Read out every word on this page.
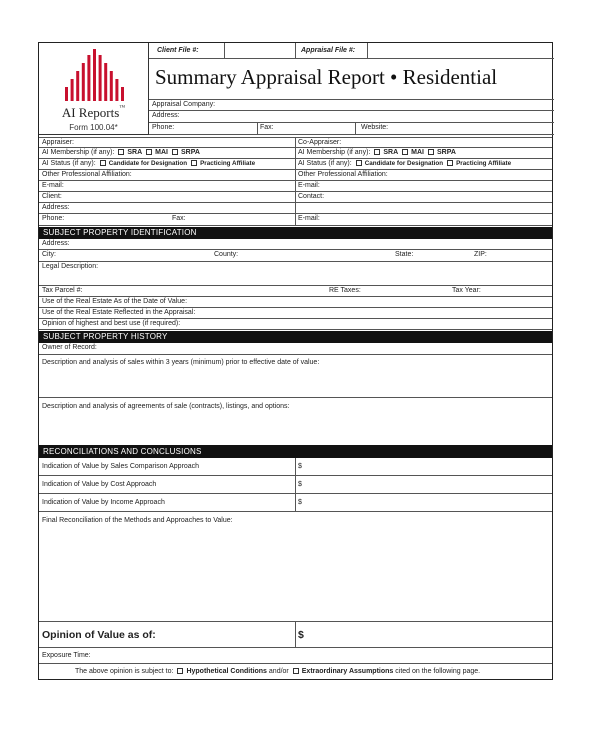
AI Reports™
Form 100.04*
Client File #:	Appraisal File #:
Summary Appraisal Report • Residential
Appraisal Company:
Address:
Phone:	Fax:	Website:
Appraiser:	Co-Appraiser:
AI Membership (if any): SRA MAI SRPA	AI Membership (if any): SRA MAI SRPA
AI Status (if any): Candidate for Designation Practicing Affiliate	AI Status (if any): Candidate for Designation Practicing Affiliate
Other Professional Affiliation:	Other Professional Affiliation:
E-mail:	E-mail:
Client:	Contact:
Address:
Phone:	Fax:	E-mail:
SUBJECT PROPERTY IDENTIFICATION
Address:
City:	County:	State:	ZIP:
Legal Description:
Tax Parcel #:	RE Taxes:	Tax Year:
Use of the Real Estate As of the Date of Value:
Use of the Real Estate Reflected in the Appraisal:
Opinion of highest and best use (if required):
SUBJECT PROPERTY HISTORY
Owner of Record:
Description and analysis of sales within 3 years (minimum) prior to effective date of value:
Description and analysis of agreements of sale (contracts), listings, and options:
RECONCILIATIONS AND CONCLUSIONS
Indication of Value by Sales Comparison Approach	$
Indication of Value by Cost Approach	$
Indication of Value by Income Approach	$
Final Reconciliation of the Methods and Approaches to Value:
Opinion of Value as of:	$
Exposure Time:
The above opinion is subject to: Hypothetical Conditions and/or Extraordinary Assumptions cited on the following page.
